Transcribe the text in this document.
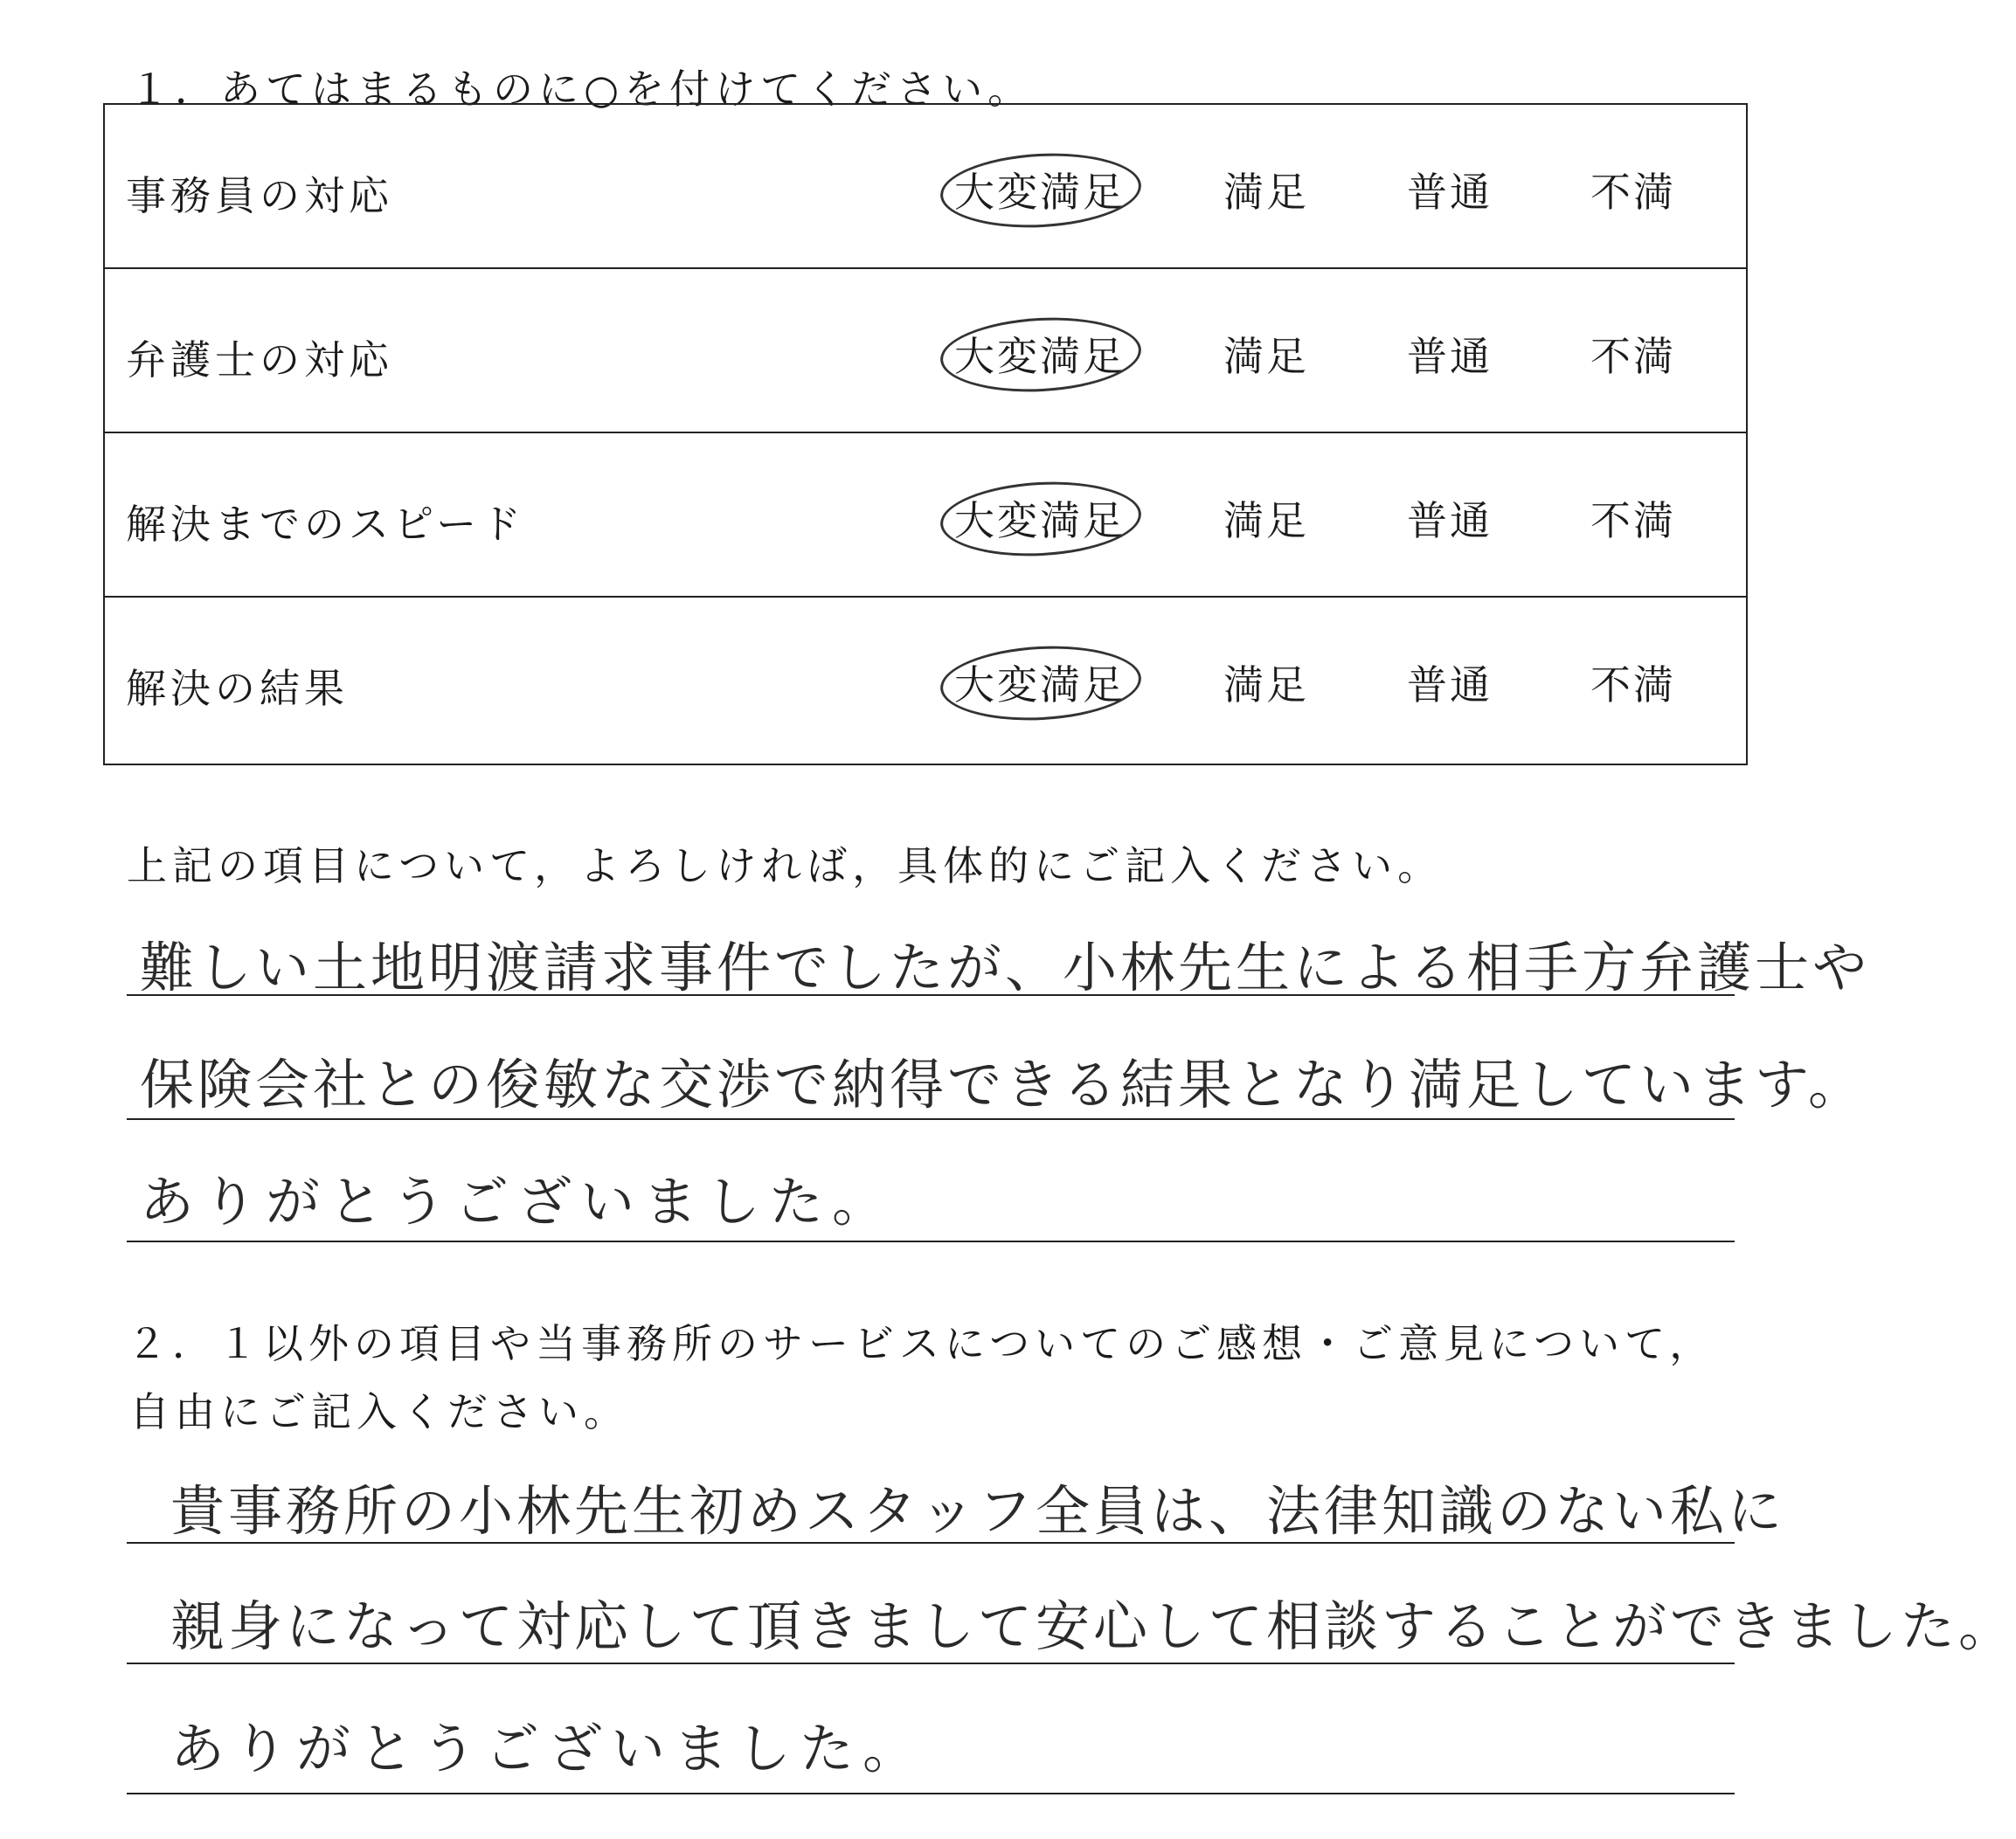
１．あてはまるものに○を付けてください。
事務員の対応	大変満足 満足 普通 不満
弁護士の対応	大変満足 満足 普通 不満
解決までのスピード	大変満足 満足 普通 不満
解決の結果	大変満足 満足 普通 不満
上記の項目について，よろしければ，具体的にご記入ください。
難しい土地明渡請求事件でしたが、小林先生による相手方弁護士や
保険会社との俊敏な交渉で納得できる結果となり満足しています。
ありがとうございました。
２．１以外の項目や当事務所のサービスについてのご感想・ご意見について，
自由にご記入ください。
貴事務所の小林先生初めスタッフ全員は、法律知識のない私に
親身になって対応して頂きまして安心して相談することができました。
ありがとうございました。
